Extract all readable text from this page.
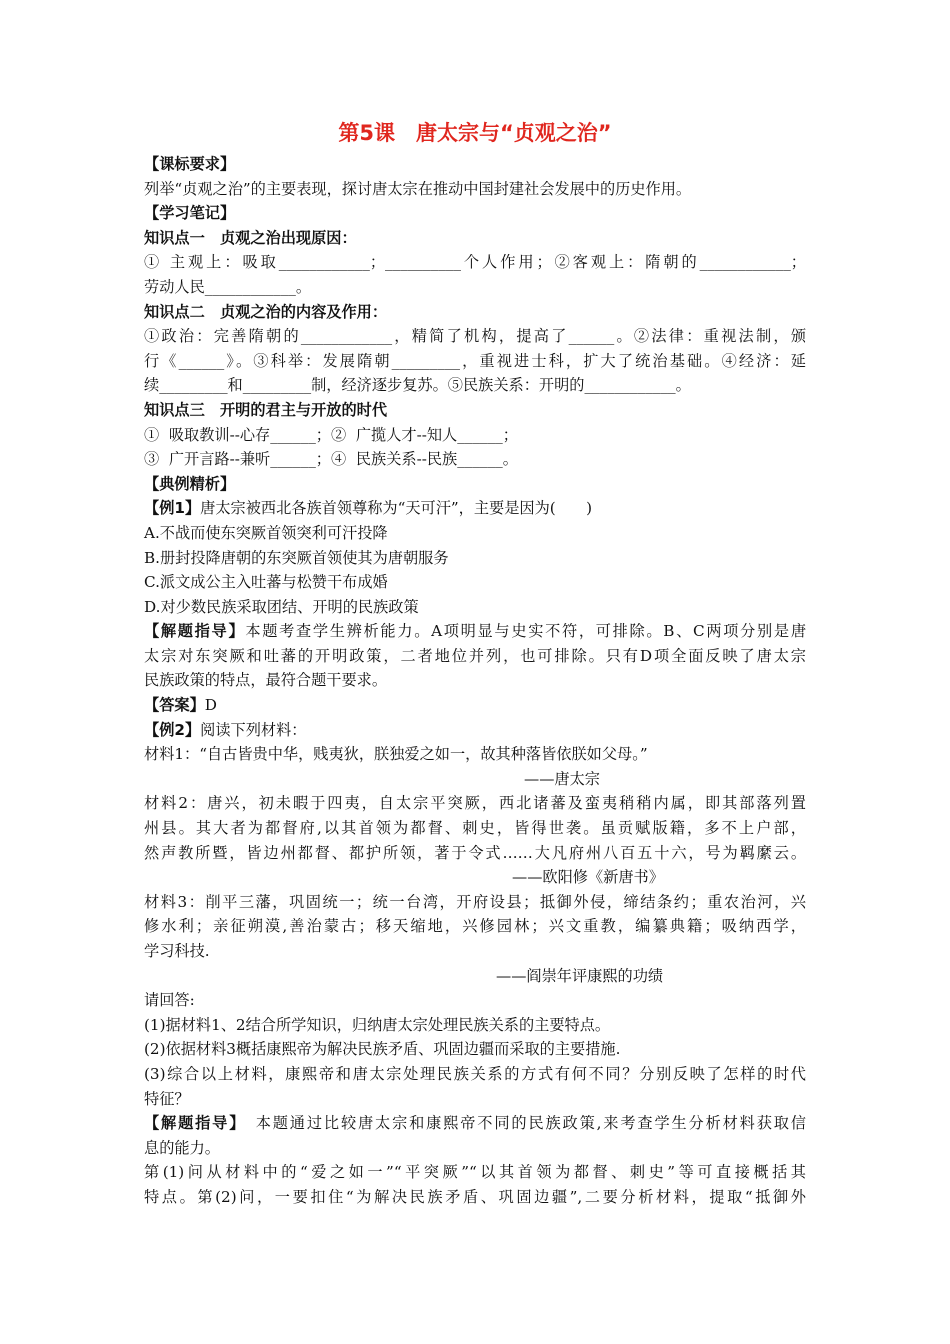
第5课　唐太宗与“贞观之治”
【课标要求】
列举“贞观之治”的主要表现，探讨唐太宗在推动中国封建社会发展中的历史作用。
【学习笔记】
知识点一　贞观之治出现原因：
① 主观上：吸取____________；__________个人作用；②客观上：隋朝的____________；
劳动人民____________。
知识点二　贞观之治的内容及作用：
①政治：完善隋朝的____________，精简了机构，提高了______。②法律：重视法制，颁
行《______》。③科举：发展隋朝_________，重视进士科，扩大了统治基础。④经济：延
续_________和_________制，经济逐步复苏。⑤民族关系：开明的____________。
知识点三　开明的君主与开放的时代
①  吸取教训--心存______；②  广揽人才--知人______；
③  广开言路--兼听______；④  民族关系--民族______。
【典例精析】
【例1】唐太宗被西北各族首领尊称为“天可汗”，主要是因为(　　)
A.不战而使东突厥首领突利可汗投降
B.册封投降唐朝的东突厥首领使其为唐朝服务
C.派文成公主入吐蕃与松赞干布成婚
D.对少数民族采取团结、开明的民族政策
【解题指导】本题考查学生辨析能力。A项明显与史实不符，可排除。B、C两项分别是唐
太宗对东突厥和吐蕃的开明政策，二者地位并列，也可排除。只有D项全面反映了唐太宗
民族政策的特点，最符合题干要求。
【答案】D
【例2】阅读下列材料：
材料1：“自古皆贵中华，贱夷狄，朕独爱之如一，故其种落皆依朕如父母。”
——唐太宗
材料2：唐兴，初未暇于四夷，自太宗平突厥，西北诸蕃及蛮夷稍稍内属，即其部落列置
州县。其大者为都督府,以其首领为都督、刺史，皆得世袭。虽贡赋版籍，多不上户部，
然声教所暨，皆边州都督、都护所领，著于令式……大凡府州八百五十六，号为羁縻云。
——欧阳修《新唐书》
材料3：削平三藩，巩固统一；统一台湾，开府设县；抵御外侵，缔结条约；重农治河，兴
修水利；亲征朔漠,善治蒙古；移天缩地，兴修园林；兴文重教，编纂典籍；吸纳西学，
学习科技.
——阎崇年评康熙的功绩
请回答:
(1)据材料1、2结合所学知识，归纳唐太宗处理民族关系的主要特点。
(2)依据材料3概括康熙帝为解决民族矛盾、巩固边疆而采取的主要措施.
(3)综合以上材料，康熙帝和唐太宗处理民族关系的方式有何不同？分别反映了怎样的时代
特征？
【解题指导】　本题通过比较唐太宗和康熙帝不同的民族政策,来考查学生分析材料获取信
息的能力。
第(1)问从材料中的“爱之如一”“平突厥”“以其首领为都督、刺史”等可直接概括其
特点。第(2)问，一要扣住“为解决民族矛盾、巩固边疆”,二要分析材料，提取“抵御外
